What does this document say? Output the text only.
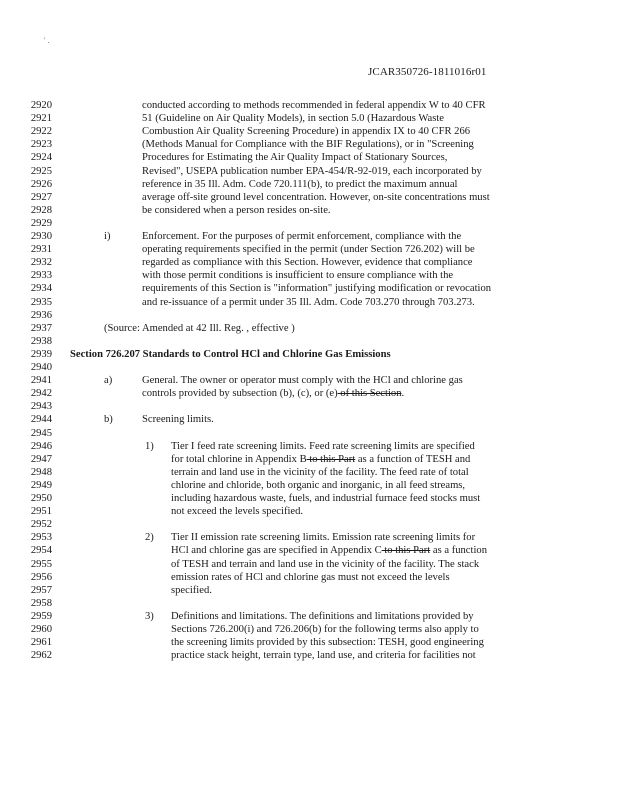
' .
JCAR350726-1811016r01
2920	conducted according to methods recommended in federal appendix W to 40 CFR
2921	51 (Guideline on Air Quality Models), in section 5.0 (Hazardous Waste
2922	Combustion Air Quality Screening Procedure) in appendix IX to 40 CFR 266
2923	(Methods Manual for Compliance with the BIF Regulations), or in "Screening
2924	Procedures for Estimating the Air Quality Impact of Stationary Sources,
2925	Revised", USEPA publication number EPA-454/R-92-019, each incorporated by
2926	reference in 35 Ill. Adm. Code 720.111(b), to predict the maximum annual
2927	average off-site ground level concentration. However, on-site concentrations must
2928	be considered when a person resides on-site.
2929
2930	i)	Enforcement. For the purposes of permit enforcement, compliance with the
2931	operating requirements specified in the permit (under Section 726.202) will be
2932	regarded as compliance with this Section. However, evidence that compliance
2933	with those permit conditions is insufficient to ensure compliance with the
2934	requirements of this Section is "information" justifying modification or revocation
2935	and re-issuance of a permit under 35 Ill. Adm. Code 703.270 through 703.273.
2936
2937	(Source: Amended at 42 Ill. Reg. , effective )
2938
2939 Section 726.207 Standards to Control HCl and Chlorine Gas Emissions
2940
2941	a)	General. The owner or operator must comply with the HCl and chlorine gas
2942	controls provided by subsection (b), (c), or (e) of this Section.
2943
2944	b)	Screening limits.
2945
2946	1) Tier I feed rate screening limits. Feed rate screening limits are specified
2947	for total chlorine in Appendix B to this Part as a function of TESH and
2948	terrain and land use in the vicinity of the facility. The feed rate of total
2949	chlorine and chloride, both organic and inorganic, in all feed streams,
2950	including hazardous waste, fuels, and industrial furnace feed stocks must
2951	not exceed the levels specified.
2952
2953	2) Tier II emission rate screening limits. Emission rate screening limits for
2954	HCl and chlorine gas are specified in Appendix C to this Part as a function
2955	of TESH and terrain and land use in the vicinity of the facility. The stack
2956	emission rates of HCl and chlorine gas must not exceed the levels
2957	specified.
2958
2959	3) Definitions and limitations. The definitions and limitations provided by
2960	Sections 726.200(i) and 726.206(b) for the following terms also apply to
2961	the screening limits provided by this subsection: TESH, good engineering
2962	practice stack height, terrain type, land use, and criteria for facilities not
